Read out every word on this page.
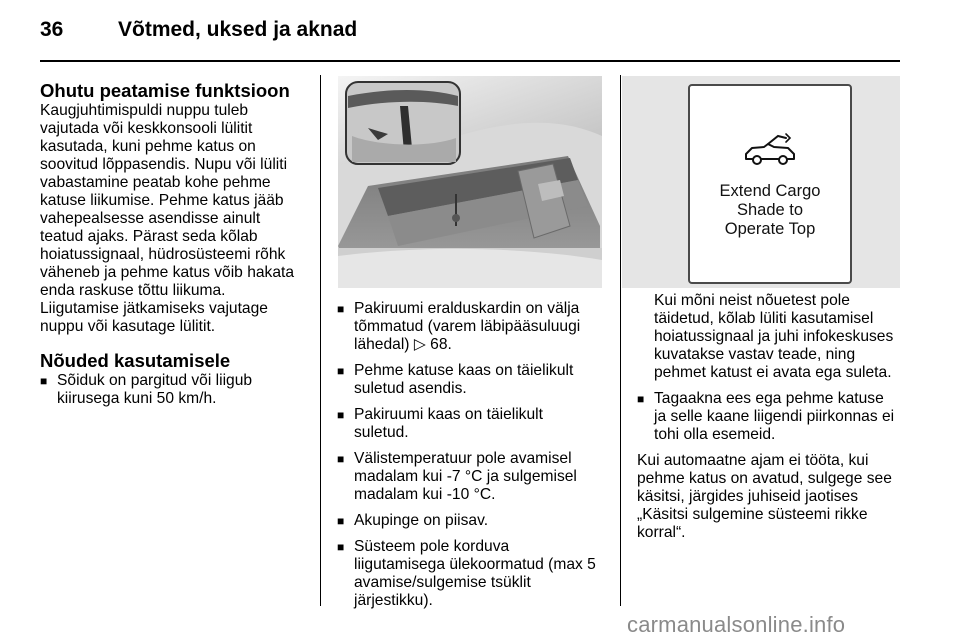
36	Võtmed, uksed ja aknad

Ohutu peatamise funktsioon

Kaugjuhtimispuldi nuppu tuleb

vajutada või keskkonsooli lülitit

kasutada, kuni pehme katus on

soovitud lõppasendis. Nupu või lüliti

vabastamine peatab kohe pehme

katuse liikumise. Pehme katus jääb

vahepealsesse asendisse ainult

teatud ajaks. Pärast seda kõlab

hoiatussignaal, hüdrosüsteemi rõhk

väheneb ja pehme katus võib hakata

enda raskuse tõttu liikuma.

Liigutamise jätkamiseks vajutage

nuppu või kasutage lülitit.

Nõuded kasutamisele

■ Sõiduk on pargitud või liigub

kiirusega kuni 50 km/h.

■ Pakiruumi eralduskardin on välja

tõmmatud (varem läbipääsuluugi

lähedal) ▷ 68.

■ Pehme katuse kaas on täielikult

suletud asendis.

■ Pakiruumi kaas on täielikult

suletud.

■ Välistemperatuur pole avamisel

madalam kui -7 °C ja sulgemisel

madalam kui -10 °C.

■ Akupinge on piisav.

■ Süsteem pole korduva

liigutamisega ülekoormatud (max 5

avamise/sulgemise tsüklit

järjestikku).

Extend Cargo
Shade to
Operate Top

Kui mõni neist nõuetest pole

täidetud, kõlab lüliti kasutamisel

hoiatussignaal ja juhi infokeskuses

kuvatakse vastav teade, ning

pehmet katust ei avata ega suleta.

■ Tagaakna ees ega pehme katuse

ja selle kaane liigendi piirkonnas ei

tohi olla esemeid.

Kui automaatne ajam ei tööta, kui

pehme katus on avatud, sulgege see

käsitsi, järgides juhiseid jaotises

„Käsitsi sulgemine süsteemi rikke

korral“.

carmanualsonline.info
